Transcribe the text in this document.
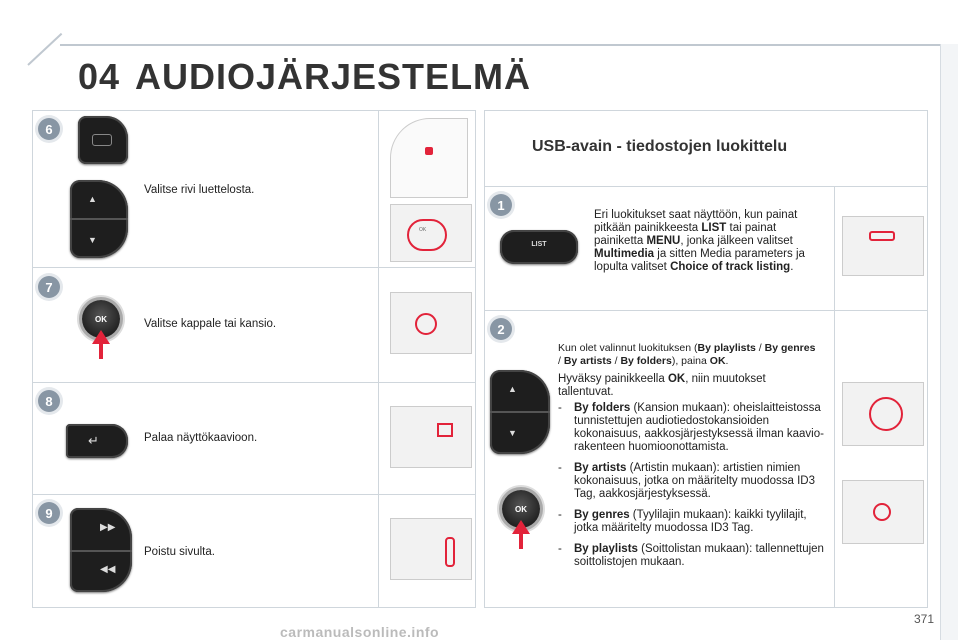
04 AUDIOJÄRJESTELMÄ
6
▲
▼
Valitse rivi luettelosta.
7
OK	Valitse kappale tai kansio.
8
↵	Palaa näyttökaavioon.
9
▶▶
◀◀
Poistu sivulta.
OK
USB-avain - tiedostojen luokittelu
1
LIST
Eri luokitukset saat näyttöön, kun painat pitkään painikkeesta LIST tai painat painiketta MENU, jonka jälkeen valitset Multimedia ja sitten Media parameters ja lopulta valitset Choice of track listing.
2
▲
▼
OK
Kun olet valinnut luokituksen (By playlists / By genres / By artists / By folders), paina OK.
Hyväksy painikkeella OK, niin muutokset tallentuvat.
-	By folders (Kansion mukaan): oheislaitteistossa tunnistettujen audiotiedostokansioiden kokonaisuus, aakkosjärjestyksessä ilman kaaviorakenteen huomioonottamista.
-	By artists (Artistin mukaan): artistien nimien kokonaisuus, jotka on määritelty muodossa ID3 Tag, aakkosjärjestyksessä.
-	By genres (Tyylilajin mukaan): kaikki tyylilajit, jotka määritelty muodossa ID3 Tag.
-	By playlists (Soittolistan mukaan): tallennettujen soittolistojen mukaan.
371
carmanualsonline.info
